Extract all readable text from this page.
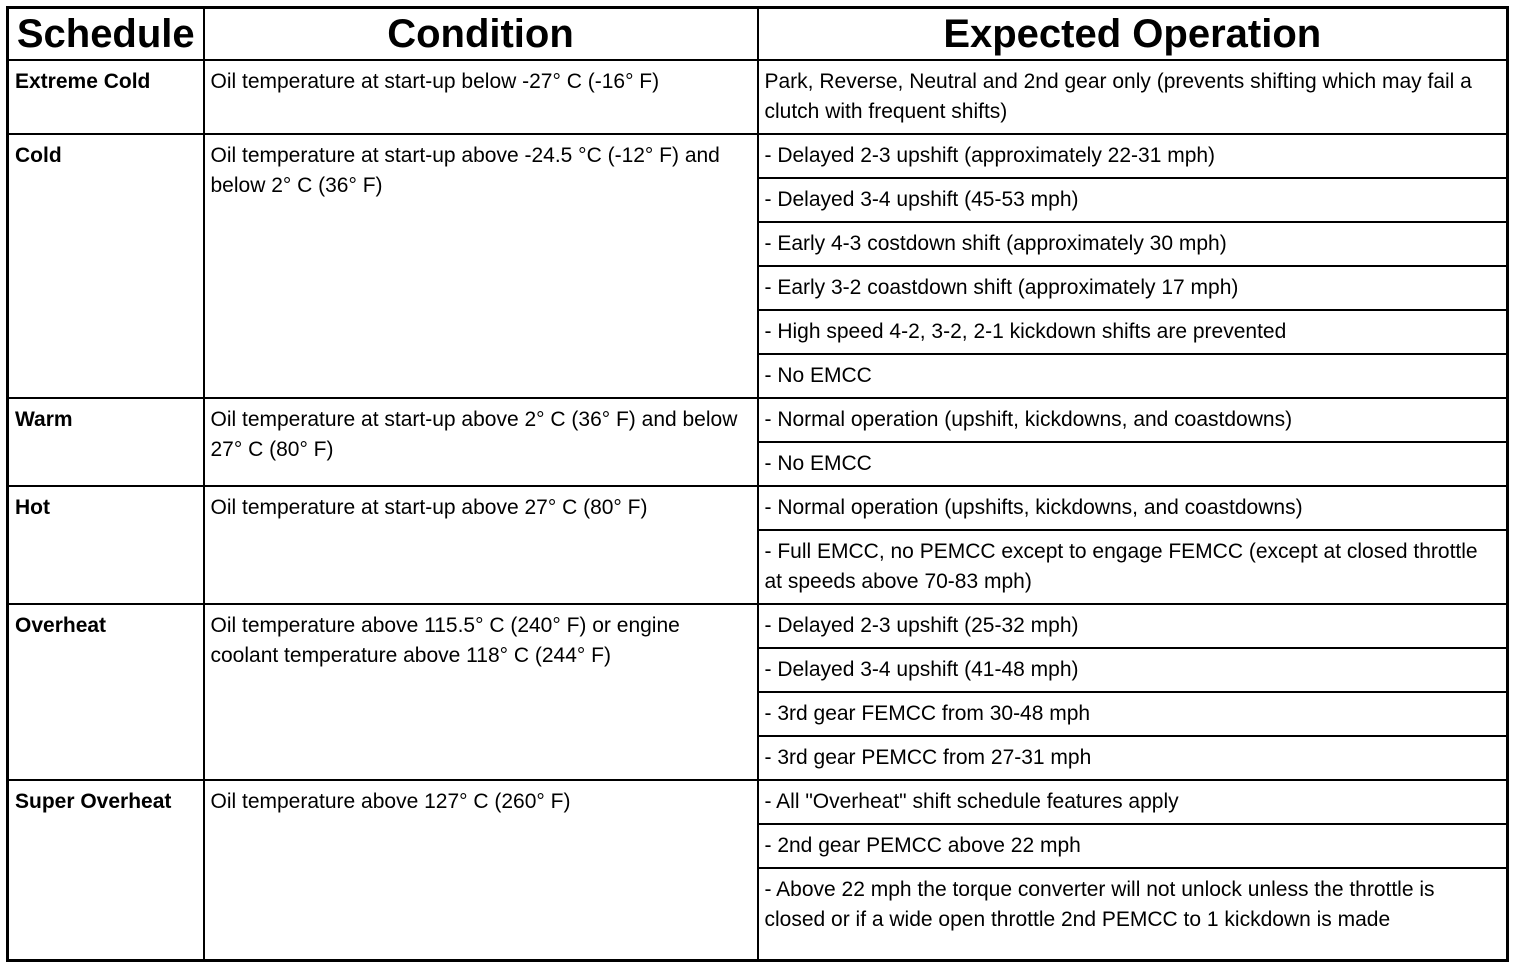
Schedule	Condition	Expected Operation
Extreme Cold	Oil temperature at start-up below -27° C (-16° F)	Park, Reverse, Neutral and 2nd gear only (prevents shifting which may fail a clutch with frequent shifts)
Cold	Oil temperature at start-up above -24.5 °C (-12° F) and below 2° C (36° F)	- Delayed 2-3 upshift (approximately 22-31 mph)
		- Delayed 3-4 upshift (45-53 mph)
		- Early 4-3 costdown shift (approximately 30 mph)
		- Early 3-2 coastdown shift (approximately 17 mph)
		- High speed 4-2, 3-2, 2-1 kickdown shifts are prevented
		- No EMCC
Warm	Oil temperature at start-up above 2° C (36° F) and below 27° C (80° F)	- Normal operation (upshift, kickdowns, and coastdowns)
		- No EMCC
Hot	Oil temperature at start-up above 27° C (80° F)	- Normal operation (upshifts, kickdowns, and coastdowns)
		- Full EMCC, no PEMCC except to engage FEMCC (except at closed throttle at speeds above 70-83 mph)
Overheat	Oil temperature above 115.5° C (240° F) or engine coolant temperature above 118° C (244° F)	- Delayed 2-3 upshift (25-32 mph)
		- Delayed 3-4 upshift (41-48 mph)
		- 3rd gear FEMCC from 30-48 mph
		- 3rd gear PEMCC from 27-31 mph
Super Overheat	Oil temperature above 127° C (260° F)	- All "Overheat" shift schedule features apply
		- 2nd gear PEMCC above 22 mph
		- Above 22 mph the torque converter will not unlock unless the throttle is closed or if a wide open throttle 2nd PEMCC to 1 kickdown is made
